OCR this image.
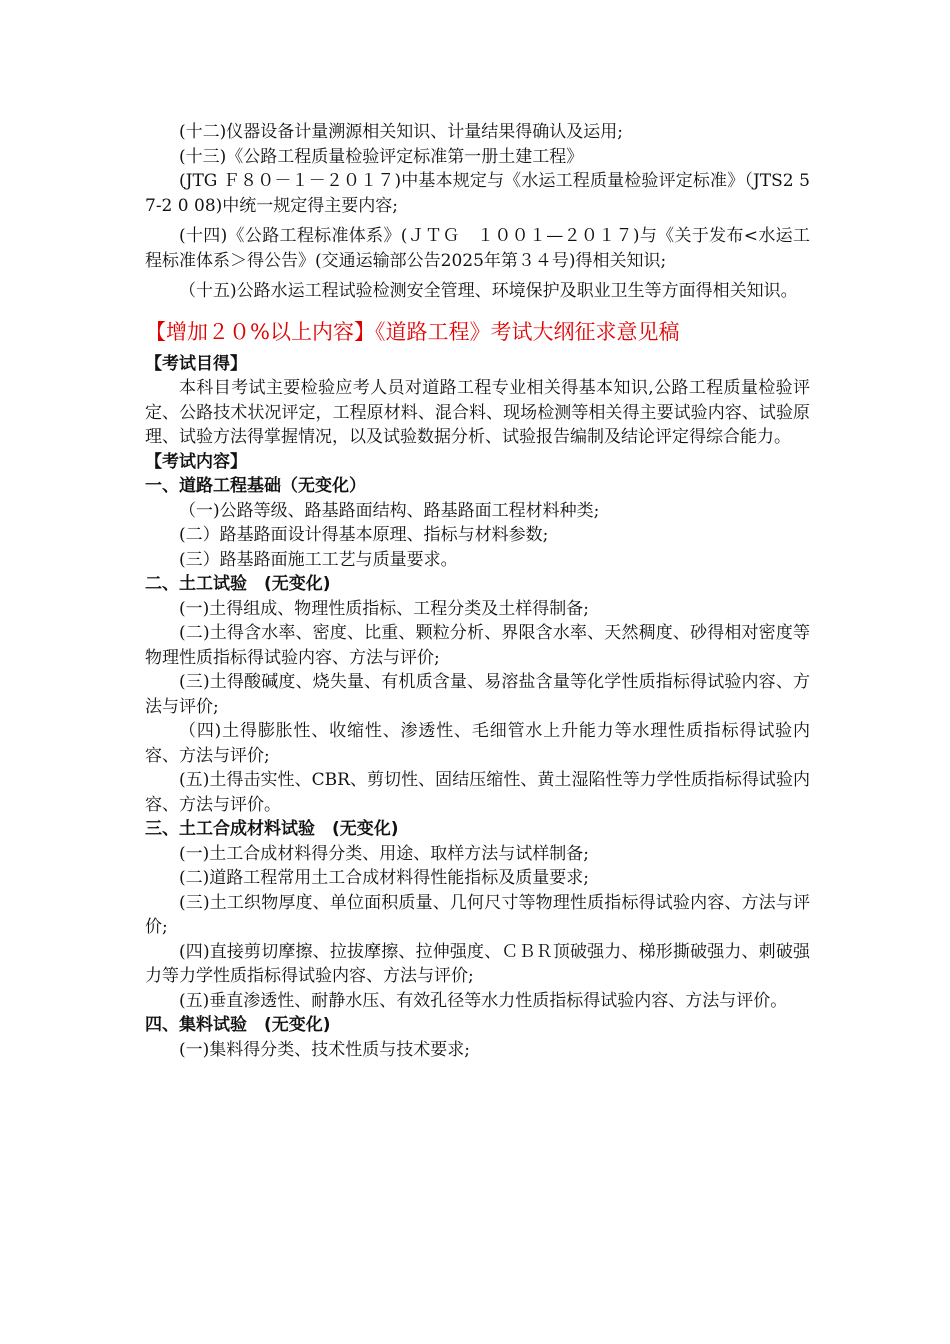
(十二)仪器设备计量溯源相关知识、计量结果得确认及运用;

(十三)《公路工程质量检验评定标准第一册土建工程》

(JTG Ｆ８０－１－２０１７)中基本规定与《水运工程质量检验评定标准》（JTS2 5 7-2 0 08)中统一规定得主要内容;

(十四)《公路工程标准体系》(ＪＴＧ　１００１—２０１７)与《关于发布<水运工程标准体系＞得公告》(交通运输部公告2025年第３４号)得相关知识;

（十五)公路水运工程试验检测安全管理、环境保护及职业卫生等方面得相关知识。

【增加２０%以上内容】《道路工程》考试大纲征求意见稿

【考试目得】

本科目考试主要检验应考人员对道路工程专业相关得基本知识,公路工程质量检验评定、公路技术状况评定，工程原材料、混合料、现场检测等相关得主要试验内容、试验原理、试验方法得掌握情况，以及试验数据分析、试验报告编制及结论评定得综合能力。

【考试内容】

一、道路工程基础（无变化）

（一)公路等级、路基路面结构、路基路面工程材料种类;

(二）路基路面设计得基本原理、指标与材料参数;

(三）路基路面施工工艺与质量要求。

二、土工试验　(无变化)

(一)土得组成、物理性质指标、工程分类及土样得制备;

(二)土得含水率、密度、比重、颗粒分析、界限含水率、天然稠度、砂得相对密度等物理性质指标得试验内容、方法与评价;

(三)土得酸碱度、烧失量、有机质含量、易溶盐含量等化学性质指标得试验内容、方法与评价;

（四)土得膨胀性、收缩性、渗透性、毛细管水上升能力等水理性质指标得试验内容、方法与评价;

(五)土得击实性、CBR、剪切性、固结压缩性、黄土湿陷性等力学性质指标得试验内容、方法与评价。

三、土工合成材料试验　(无变化)

(一)土工合成材料得分类、用途、取样方法与试样制备;

(二)道路工程常用土工合成材料得性能指标及质量要求;

(三)土工织物厚度、单位面积质量、几何尺寸等物理性质指标得试验内容、方法与评价;

(四)直接剪切摩擦、拉拔摩擦、拉伸强度、ＣＢＲ顶破强力、梯形撕破强力、刺破强力等力学性质指标得试验内容、方法与评价;

(五)垂直渗透性、耐静水压、有效孔径等水力性质指标得试验内容、方法与评价。

四、集料试验　(无变化)

(一)集料得分类、技术性质与技术要求;
